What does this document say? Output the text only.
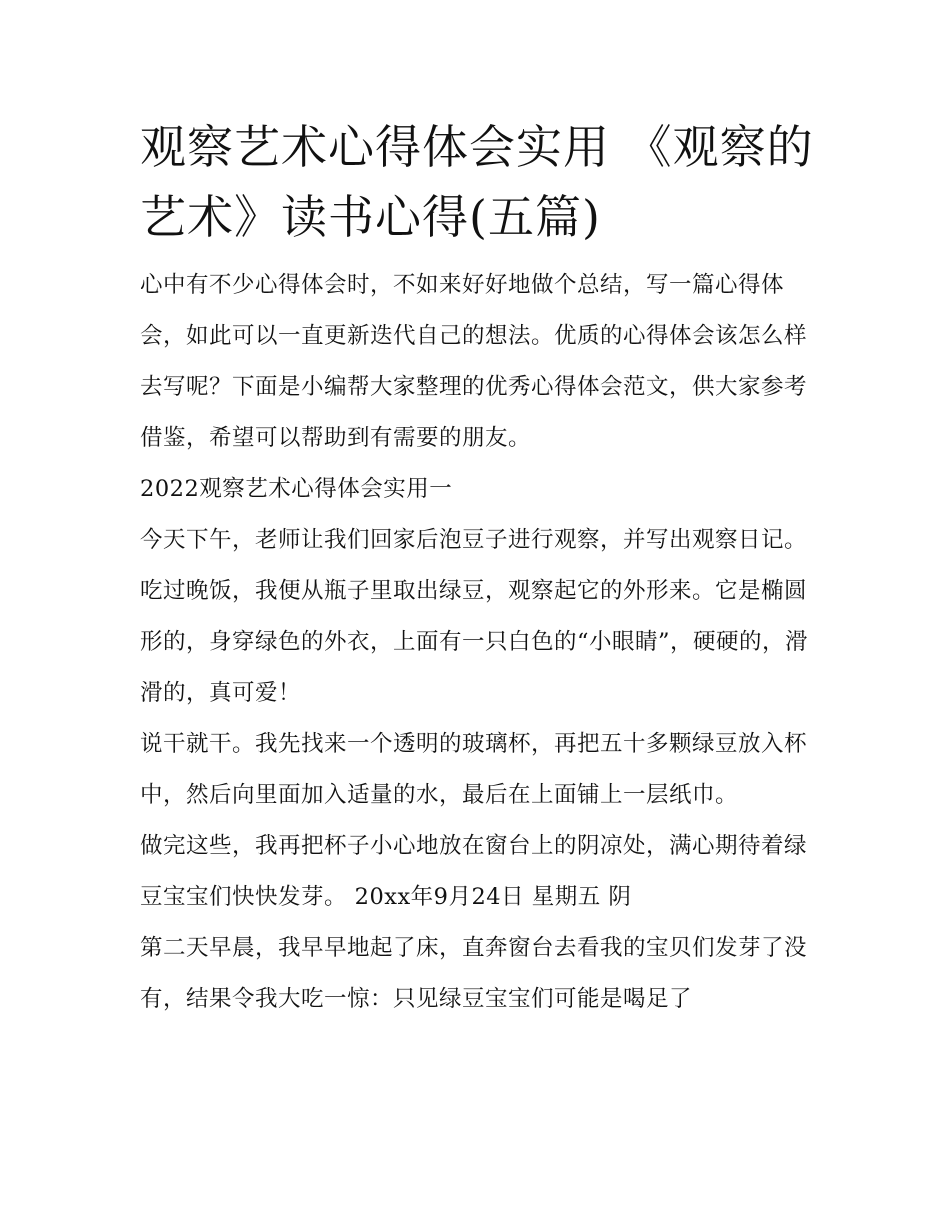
观察艺术心得体会实用 《观察的艺术》读书心得(五篇)

心中有不少心得体会时，不如来好好地做个总结，写一篇心得体会，如此可以一直更新迭代自己的想法。优质的心得体会该怎么样去写呢？下面是小编帮大家整理的优秀心得体会范文，供大家参考借鉴，希望可以帮助到有需要的朋友。

2022观察艺术心得体会实用一

今天下午，老师让我们回家后泡豆子进行观察，并写出观察日记。吃过晚饭，我便从瓶子里取出绿豆，观察起它的外形来。它是椭圆形的，身穿绿色的外衣，上面有一只白色的“小眼睛”，硬硬的，滑滑的，真可爱！

说干就干。我先找来一个透明的玻璃杯，再把五十多颗绿豆放入杯中，然后向里面加入适量的水，最后在上面铺上一层纸巾。

做完这些，我再把杯子小心地放在窗台上的阴凉处，满心期待着绿豆宝宝们快快发芽。 20xx年9月24日 星期五 阴

第二天早晨，我早早地起了床，直奔窗台去看我的宝贝们发芽了没有，结果令我大吃一惊：只见绿豆宝宝们可能是喝足了
